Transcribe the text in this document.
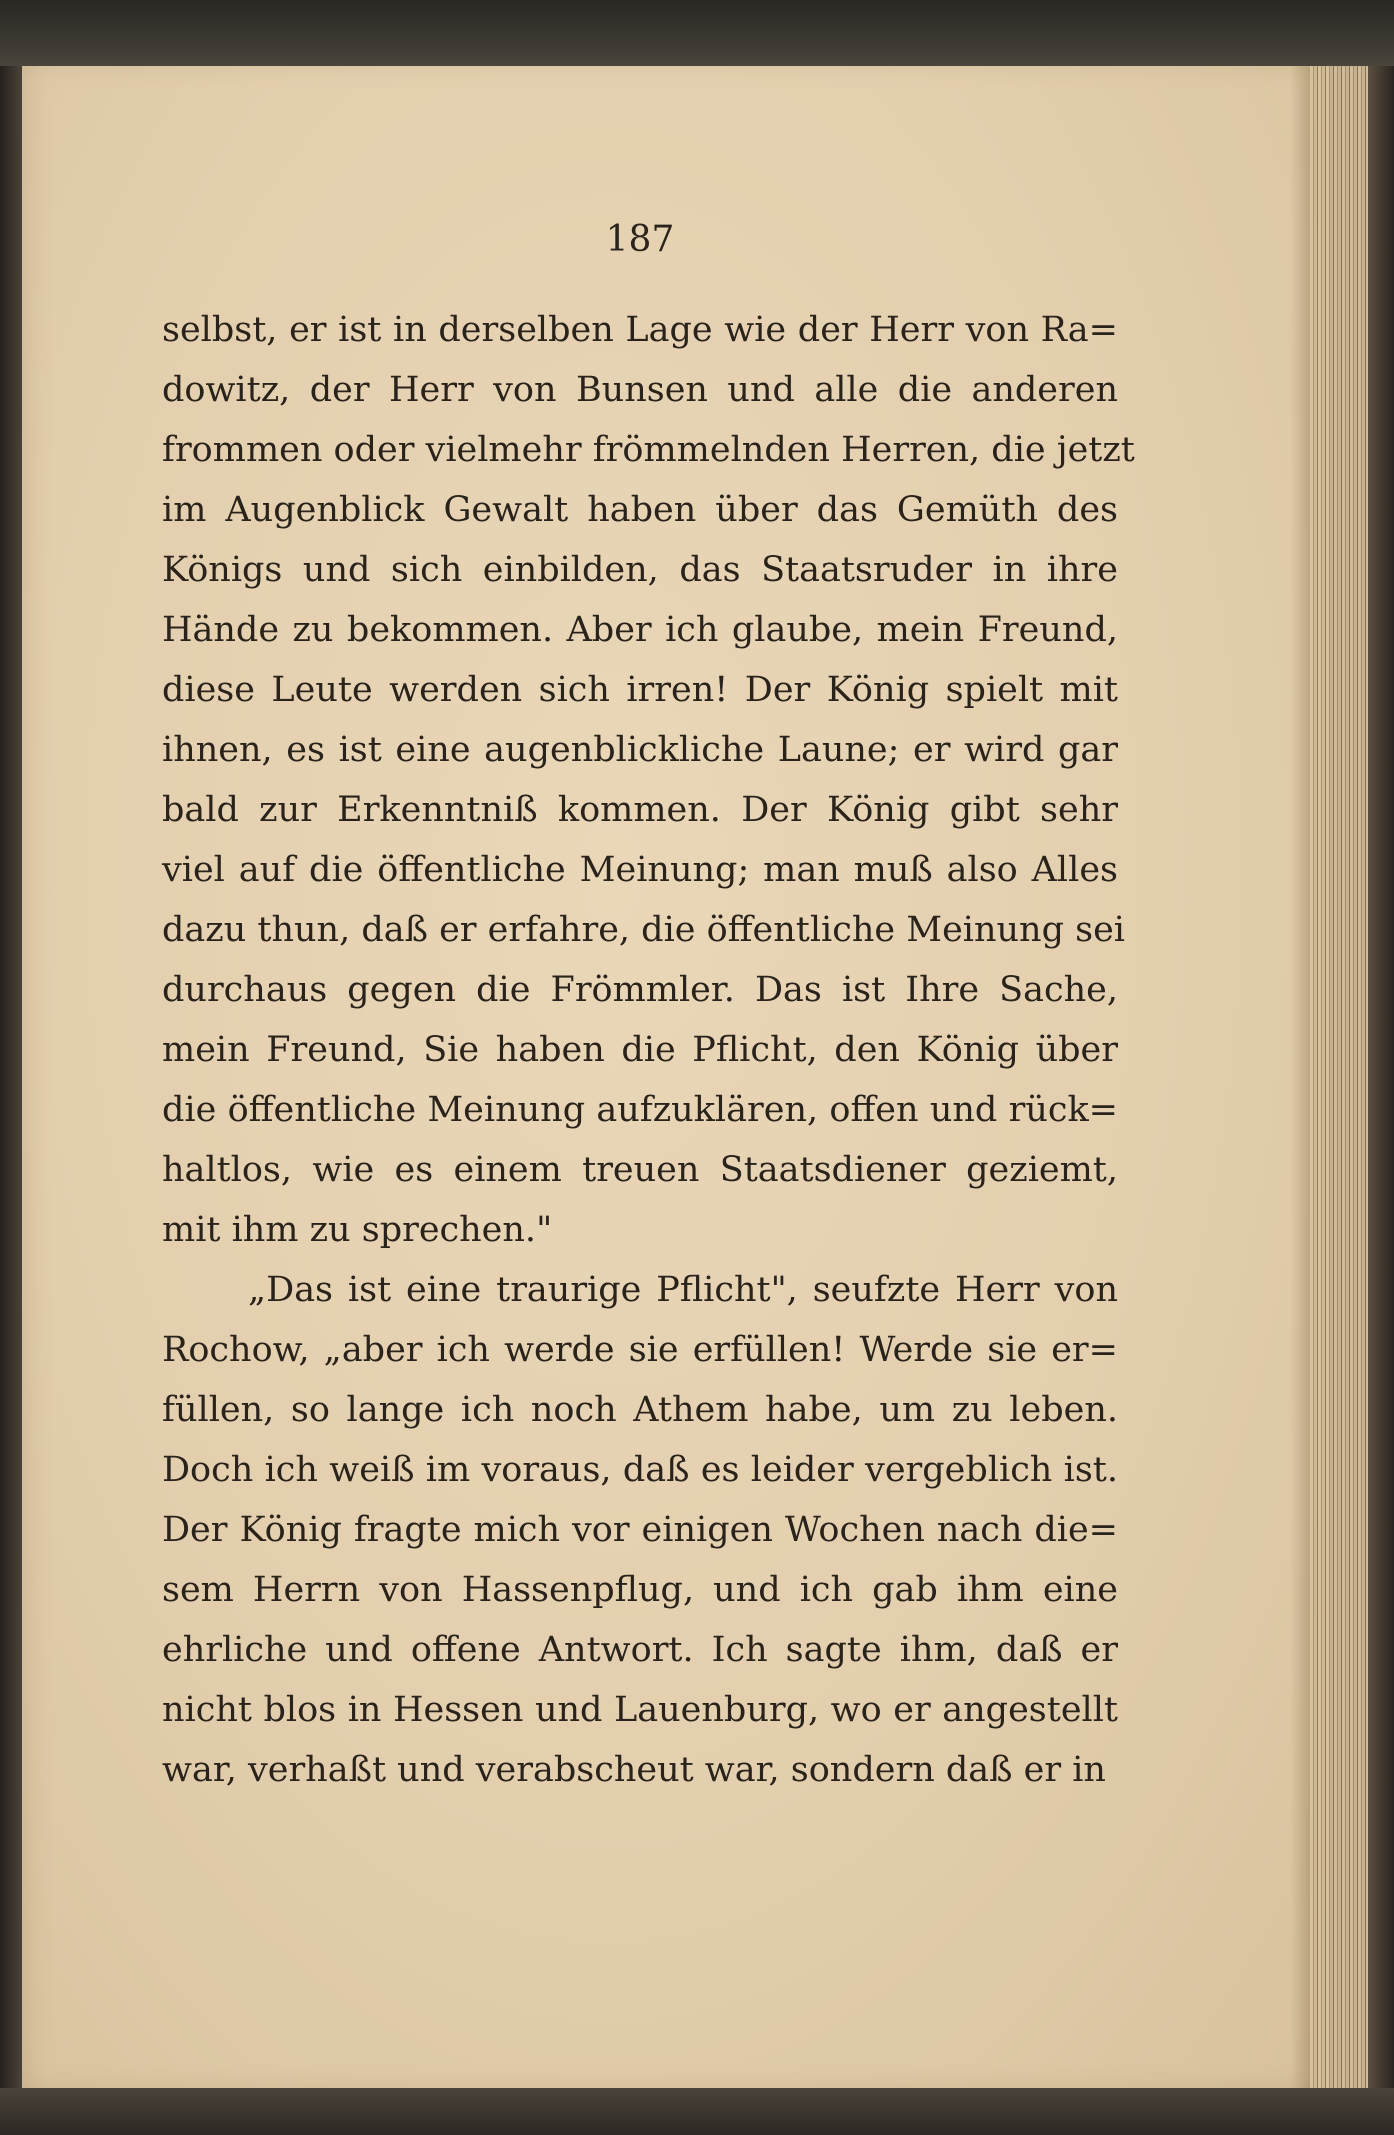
187
selbst, er ist in derselben Lage wie der Herr von Ra=
dowitz, der Herr von Bunsen und alle die anderen
frommen oder vielmehr frömmelnden Herren, die jetzt
im Augenblick Gewalt haben über das Gemüth des
Königs und sich einbilden, das Staatsruder in ihre
Hände zu bekommen. Aber ich glaube, mein Freund,
diese Leute werden sich irren! Der König spielt mit
ihnen, es ist eine augenblickliche Laune; er wird gar
bald zur Erkenntniß kommen. Der König gibt sehr
viel auf die öffentliche Meinung; man muß also Alles
dazu thun, daß er erfahre, die öffentliche Meinung sei
durchaus gegen die Frömmler. Das ist Ihre Sache,
mein Freund, Sie haben die Pflicht, den König über
die öffentliche Meinung aufzuklären, offen und rück=
haltlos, wie es einem treuen Staatsdiener geziemt,
mit ihm zu sprechen."
„Das ist eine traurige Pflicht", seufzte Herr von
Rochow, „aber ich werde sie erfüllen! Werde sie er=
füllen, so lange ich noch Athem habe, um zu leben.
Doch ich weiß im voraus, daß es leider vergeblich ist.
Der König fragte mich vor einigen Wochen nach die=
sem Herrn von Hassenpflug, und ich gab ihm eine
ehrliche und offene Antwort. Ich sagte ihm, daß er
nicht blos in Hessen und Lauenburg, wo er angestellt
war, verhaßt und verabscheut war, sondern daß er in
